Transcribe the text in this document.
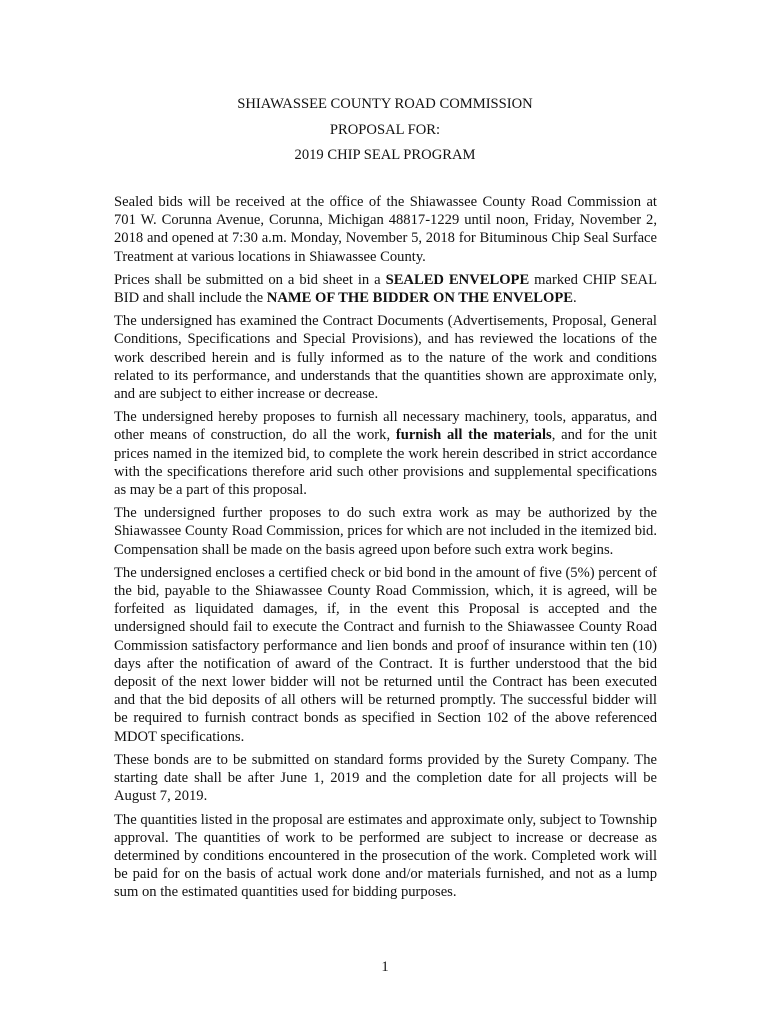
SHIAWASSEE COUNTY ROAD COMMISSION
PROPOSAL FOR:
2019 CHIP SEAL PROGRAM

Sealed bids will be received at the office of the Shiawassee County Road Commission at 701 W. Corunna Avenue, Corunna, Michigan 48817-1229 until noon, Friday, November 2, 2018 and opened at 7:30 a.m. Monday, November 5, 2018 for Bituminous Chip Seal Surface Treatment at various locations in Shiawassee County.

Prices shall be submitted on a bid sheet in a SEALED ENVELOPE marked CHIP SEAL BID and shall include the NAME OF THE BIDDER ON THE ENVELOPE.

The undersigned has examined the Contract Documents (Advertisements, Proposal, General Conditions, Specifications and Special Provisions), and has reviewed the locations of the work described herein and is fully informed as to the nature of the work and conditions related to its performance, and understands that the quantities shown are approximate only, and are subject to either increase or decrease.

The undersigned hereby proposes to furnish all necessary machinery, tools, apparatus, and other means of construction, do all the work, furnish all the materials, and for the unit prices named in the itemized bid, to complete the work herein described in strict accordance with the specifications therefore arid such other provisions and supplemental specifications as may be a part of this proposal.

The undersigned further proposes to do such extra work as may be authorized by the Shiawassee County Road Commission, prices for which are not included in the itemized bid. Compensation shall be made on the basis agreed upon before such extra work begins.

The undersigned encloses a certified check or bid bond in the amount of five (5%) percent of the bid, payable to the Shiawassee County Road Commission, which, it is agreed, will be forfeited as liquidated damages, if, in the event this Proposal is accepted and the undersigned should fail to execute the Contract and furnish to the Shiawassee County Road Commission satisfactory performance and lien bonds and proof of insurance within ten (10) days after the notification of award of the Contract. It is further understood that the bid deposit of the next lower bidder will not be returned until the Contract has been executed and that the bid deposits of all others will be returned promptly. The successful bidder will be required to furnish contract bonds as specified in Section 102 of the above referenced MDOT specifications.

These bonds are to be submitted on standard forms provided by the Surety Company. The starting date shall be after June 1, 2019 and the completion date for all projects will be August 7, 2019.

The quantities listed in the proposal are estimates and approximate only, subject to Township approval. The quantities of work to be performed are subject to increase or decrease as determined by conditions encountered in the prosecution of the work. Completed work will be paid for on the basis of actual work done and/or materials furnished, and not as a lump sum on the estimated quantities used for bidding purposes.

1
